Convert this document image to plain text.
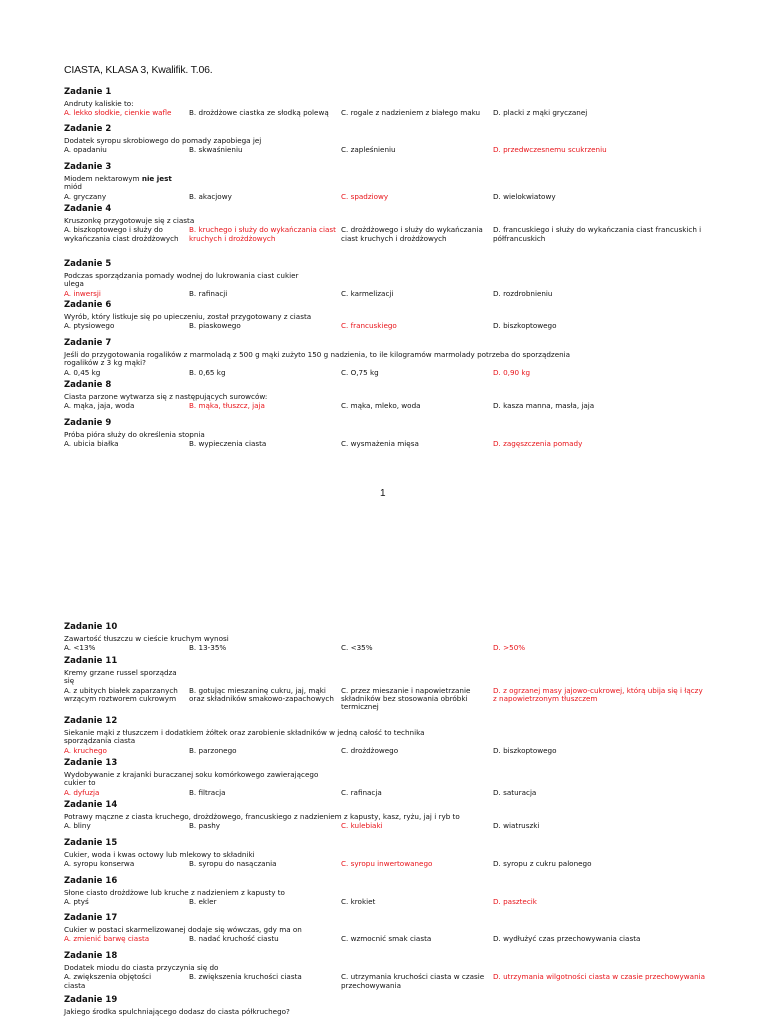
CIASTA, KLASA 3, Kwalifik. T.06.
Zadanie 1
Andruty kaliskie to:
A. lekko słodkie, cienkie wafle	B. drożdżowe ciastka ze słodką polewą	C. rogale z nadzieniem z białego maku	D. placki z mąki gryczanej
Zadanie 2
Dodatek syropu skrobiowego do pomady zapobiega jej
A. opadaniu	B. skwaśnieniu	C. zapleśnieniu	D. przedwczesnemu scukrzeniu
Zadanie 3
Miodem nektarowym nie jest
miód
A. gryczany	B. akacjowy	C. spadziowy	D. wielokwiatowy
Zadanie 4
Kruszonkę przygotowuje się z ciasta
A. biszkoptowego i służy do
wykańczania ciast drożdżowych
B. kruchego i służy do wykańczania ciast
kruchych i drożdżowych
C. drożdżowego i służy do wykańczania
ciast kruchych i drożdżowych
D. francuskiego i służy do wykańczania ciast francuskich i
półfrancuskich
Zadanie 5
Podczas sporządzania pomady wodnej do lukrowania ciast cukier
ulega
A. inwersji	B. rafinacji	C. karmelizacji	D. rozdrobnieniu
Zadanie 6
Wyrób, który listkuje się po upieczeniu, został przygotowany z ciasta
A. ptysiowego	B. piaskowego	C. francuskiego	D. biszkoptowego
Zadanie 7
Jeśli do przygotowania rogalików z marmoladą z 500 g mąki zużyto 150 g nadzienia, to ile kilogramów marmolady potrzeba do sporządzenia
rogalików z 3 kg mąki?
A. 0,45 kg	B. 0,65 kg	C. O,75 kg	D. 0,90 kg
Zadanie 8
Ciasta parzone wytwarza się z następujących surowców:
A. mąka, jaja, woda	B. mąka, tłuszcz, jaja	C. mąka, mleko, woda	D. kasza manna, masła, jaja
Zadanie 9
Próba pióra służy do określenia stopnia
A. ubicia białka	B. wypieczenia ciasta	C. wysmażenia mięsa	D. zagęszczenia pomady
1
Zadanie 10
Zawartość tłuszczu w cieście kruchym wynosi
A. <13%	B. 13-35%	C. <35%	D. >50%
Zadanie 11
Kremy grzane russel sporządza
się
A. z ubitych białek zaparzanych
wrzącym roztworem cukrowym
B. gotując mieszaninę cukru, jaj, mąki
oraz składników smakowo-zapachowych
C. przez mieszanie i napowietrzanie
składników bez stosowania obróbki
termicznej
D. z ogrzanej masy jajowo-cukrowej, którą ubija się i łączy
z napowietrzonym tłuszczem
Zadanie 12
Siekanie mąki z tłuszczem i dodatkiem żółtek oraz zarobienie składników w jedną całość to technika
sporządzania ciasta
A. kruchego	B. parzonego	C. drożdżowego	D. biszkoptowego
Zadanie 13
Wydobywanie z krajanki buraczanej soku komórkowego zawierającego
cukier to
A. dyfuzja	B. filtracja	C. rafinacja	D. saturacja
Zadanie 14
Potrawy mączne z ciasta kruchego, drożdżowego, francuskiego z nadzieniem z kapusty, kasz, ryżu, jaj i ryb to
A. bliny	B. pashy	C. kulebiaki	D. wiatruszki
Zadanie 15
Cukier, woda i kwas octowy lub mlekowy to składniki
A. syropu konserwa	B. syropu do nasączania	C. syropu inwertowanego	D. syropu z cukru palonego
Zadanie 16
Słone ciasto drożdżowe lub kruche z nadzieniem z kapusty to
A. ptyś	B. ekler	C. krokiet	D. pasztecik
Zadanie 17
Cukier w postaci skarmelizowanej dodaje się wówczas, gdy ma on
A. zmienić barwę ciasta	B. nadać kruchość ciastu	C. wzmocnić smak ciasta	D. wydłużyć czas przechowywania ciasta
Zadanie 18
Dodatek miodu do ciasta przyczynia się do
A. zwiększenia objętości
ciasta
B. zwiększenia kruchości ciasta	C. utrzymania kruchości ciasta w czasie
przechowywania
D. utrzymania wilgotności ciasta w czasie przechowywania
Zadanie 19
Jakiego środka spulchniającego dodasz do ciasta półkruchego?
